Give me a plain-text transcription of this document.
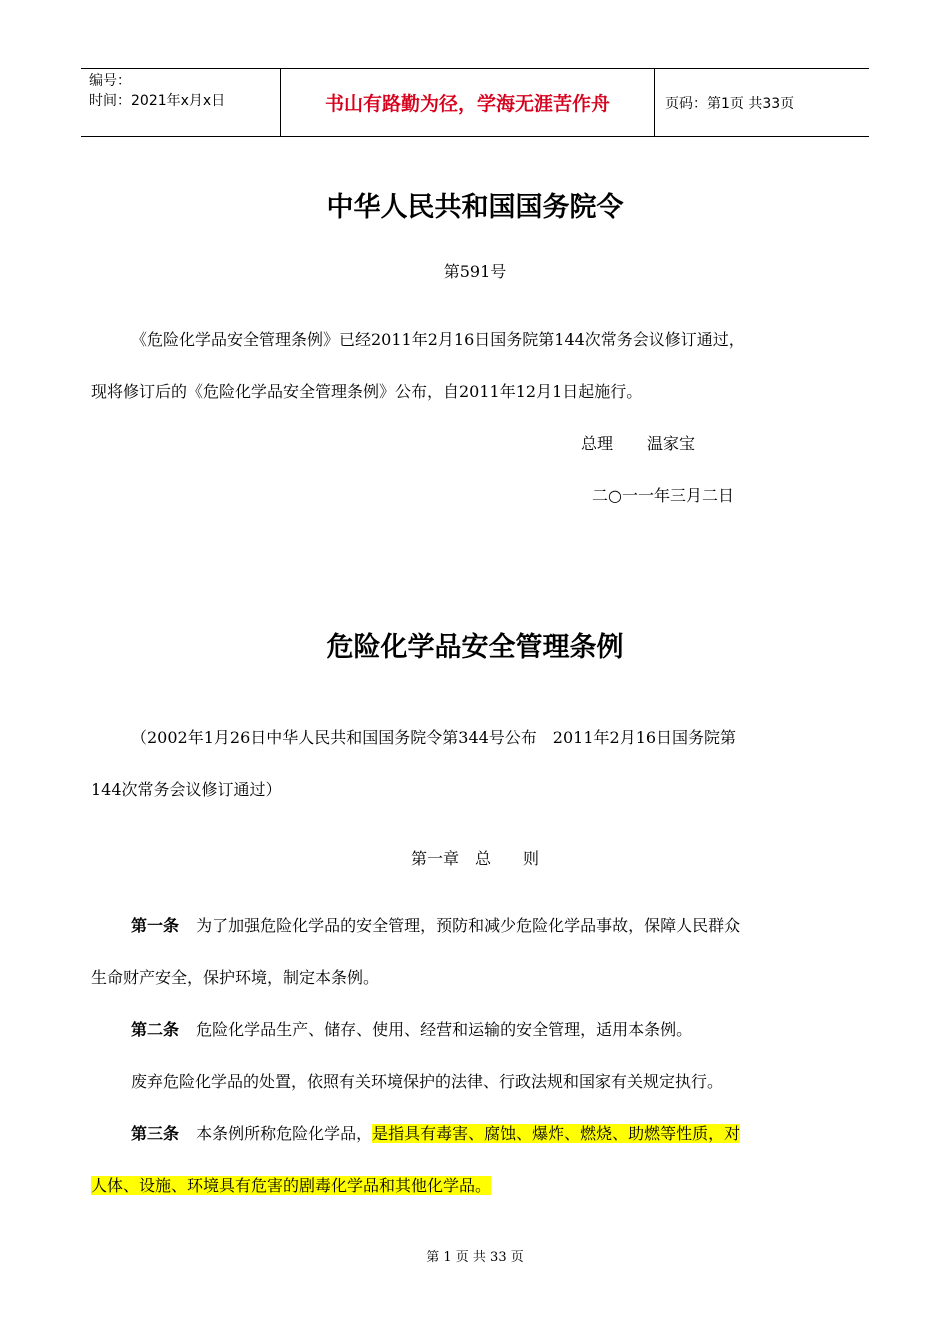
编号：
时间：2021年x月x日	书山有路勤为径，学海无涯苦作舟	页码：第1页 共33页
中华人民共和国国务院令
第591号
《危险化学品安全管理条例》已经2011年2月16日国务院第144次常务会议修订通过，
现将修订后的《危险化学品安全管理条例》公布，自2011年12月1日起施行。
总理 温家宝
二○一一年三月二日
危险化学品安全管理条例
（2002年1月26日中华人民共和国国务院令第344号公布　2011年2月16日国务院第
144次常务会议修订通过）
第一章　总　　则
第一条 为了加强危险化学品的安全管理，预防和减少危险化学品事故，保障人民群众
生命财产安全，保护环境，制定本条例。
第二条 危险化学品生产、储存、使用、经营和运输的安全管理，适用本条例。
废弃危险化学品的处置，依照有关环境保护的法律、行政法规和国家有关规定执行。
第三条 本条例所称危险化学品，是指具有毒害、腐蚀、爆炸、燃烧、助燃等性质，对
人体、设施、环境具有危害的剧毒化学品和其他化学品。
第 1 页 共 33 页
